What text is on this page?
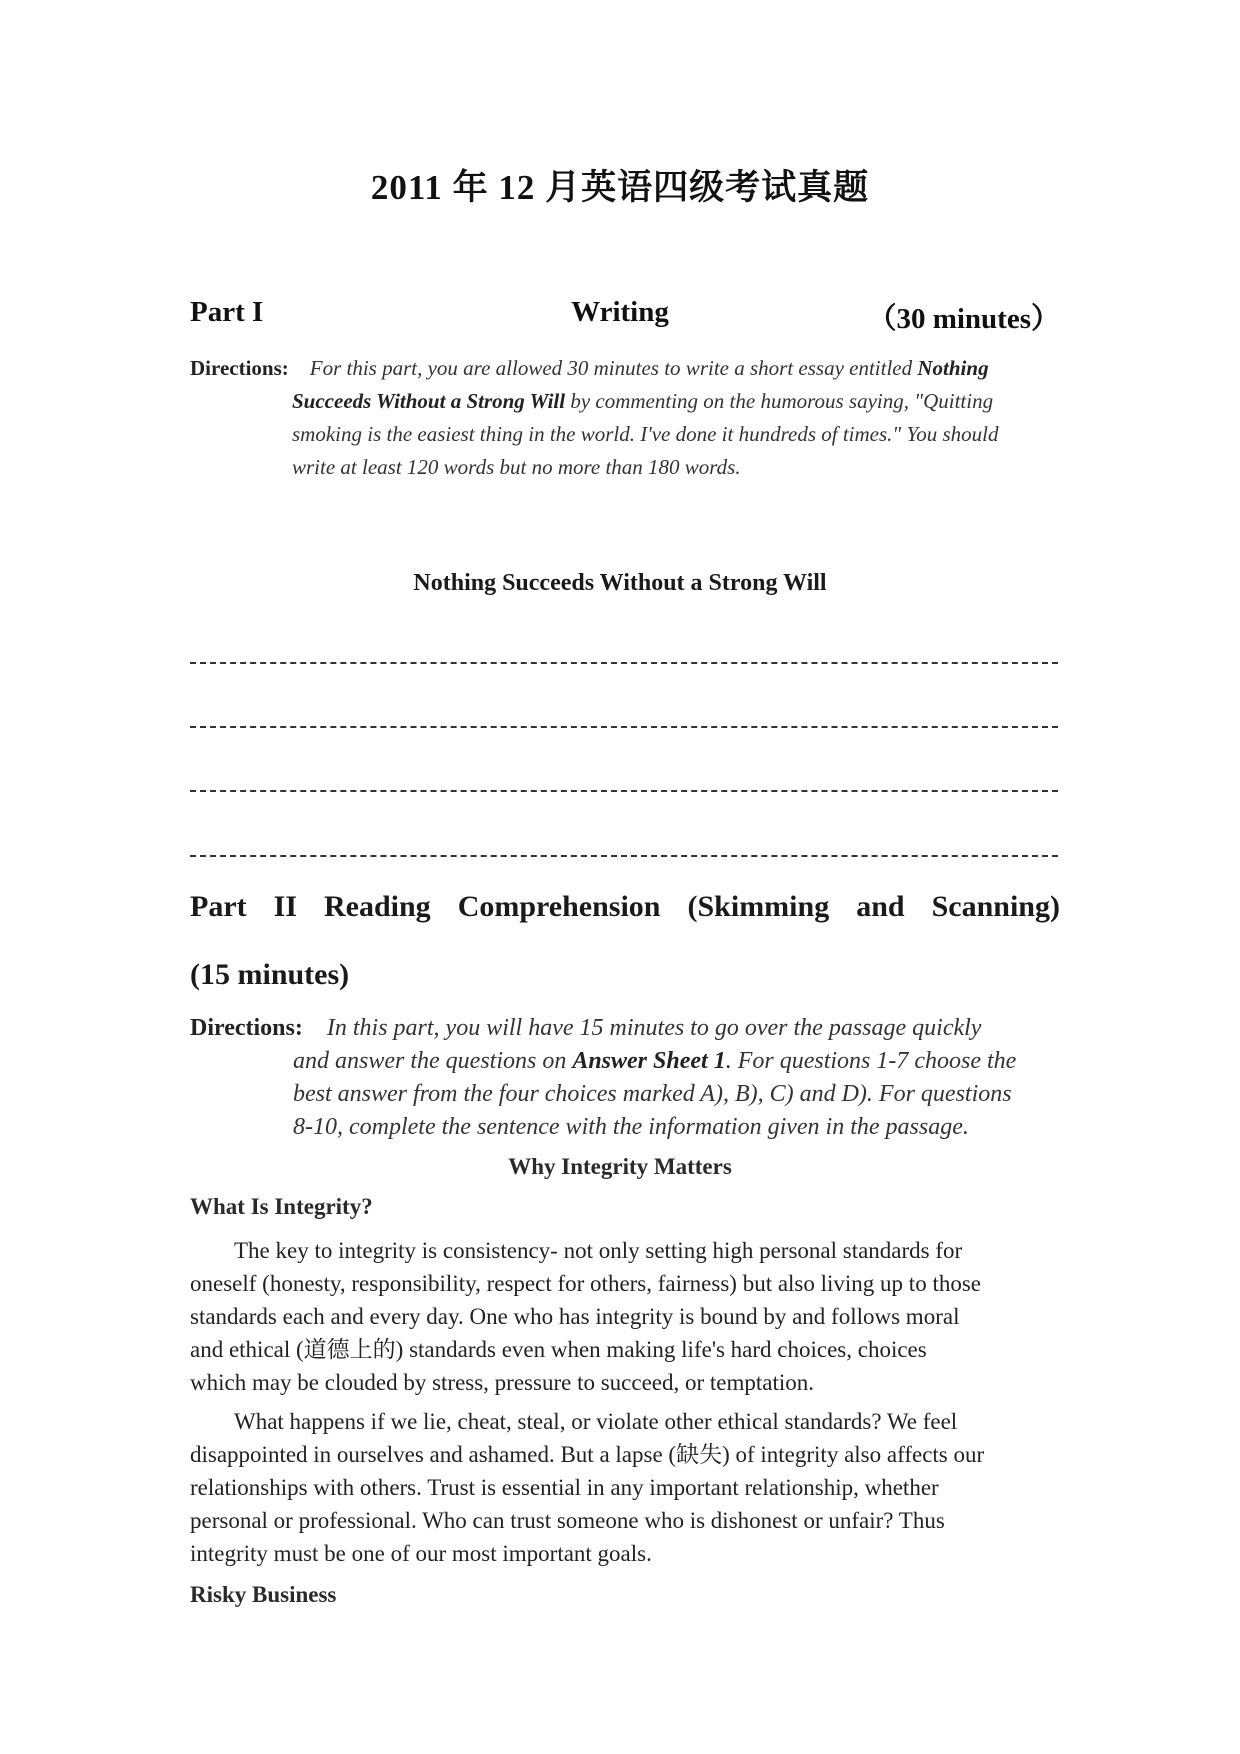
2011 年 12 月英语四级考试真题
Part I	Writing	（30 minutes）
Directions: For this part, you are allowed 30 minutes to write a short essay entitled Nothing
Succeeds Without a Strong Will by commenting on the humorous saying, "Quitting
smoking is the easiest thing in the world. I've done it hundreds of times." You should
write at least 120 words but no more than 180 words.
Nothing Succeeds Without a Strong Will
Part II Reading Comprehension (Skimming and Scanning)
(15 minutes)
Directions: In this part, you will have 15 minutes to go over the passage quickly
and answer the questions on Answer Sheet 1. For questions 1-7 choose the
best answer from the four choices marked A), B), C) and D). For questions
8-10, complete the sentence with the information given in the passage.
Why Integrity Matters
What Is Integrity?
The key to integrity is consistency- not only setting high personal standards for
oneself (honesty, responsibility, respect for others, fairness) but also living up to those
standards each and every day. One who has integrity is bound by and follows moral
and ethical (道德上的) standards even when making life's hard choices, choices
which may be clouded by stress, pressure to succeed, or temptation.
What happens if we lie, cheat, steal, or violate other ethical standards? We feel
disappointed in ourselves and ashamed. But a lapse (缺失) of integrity also affects our
relationships with others. Trust is essential in any important relationship, whether
personal or professional. Who can trust someone who is dishonest or unfair? Thus
integrity must be one of our most important goals.
Risky Business
